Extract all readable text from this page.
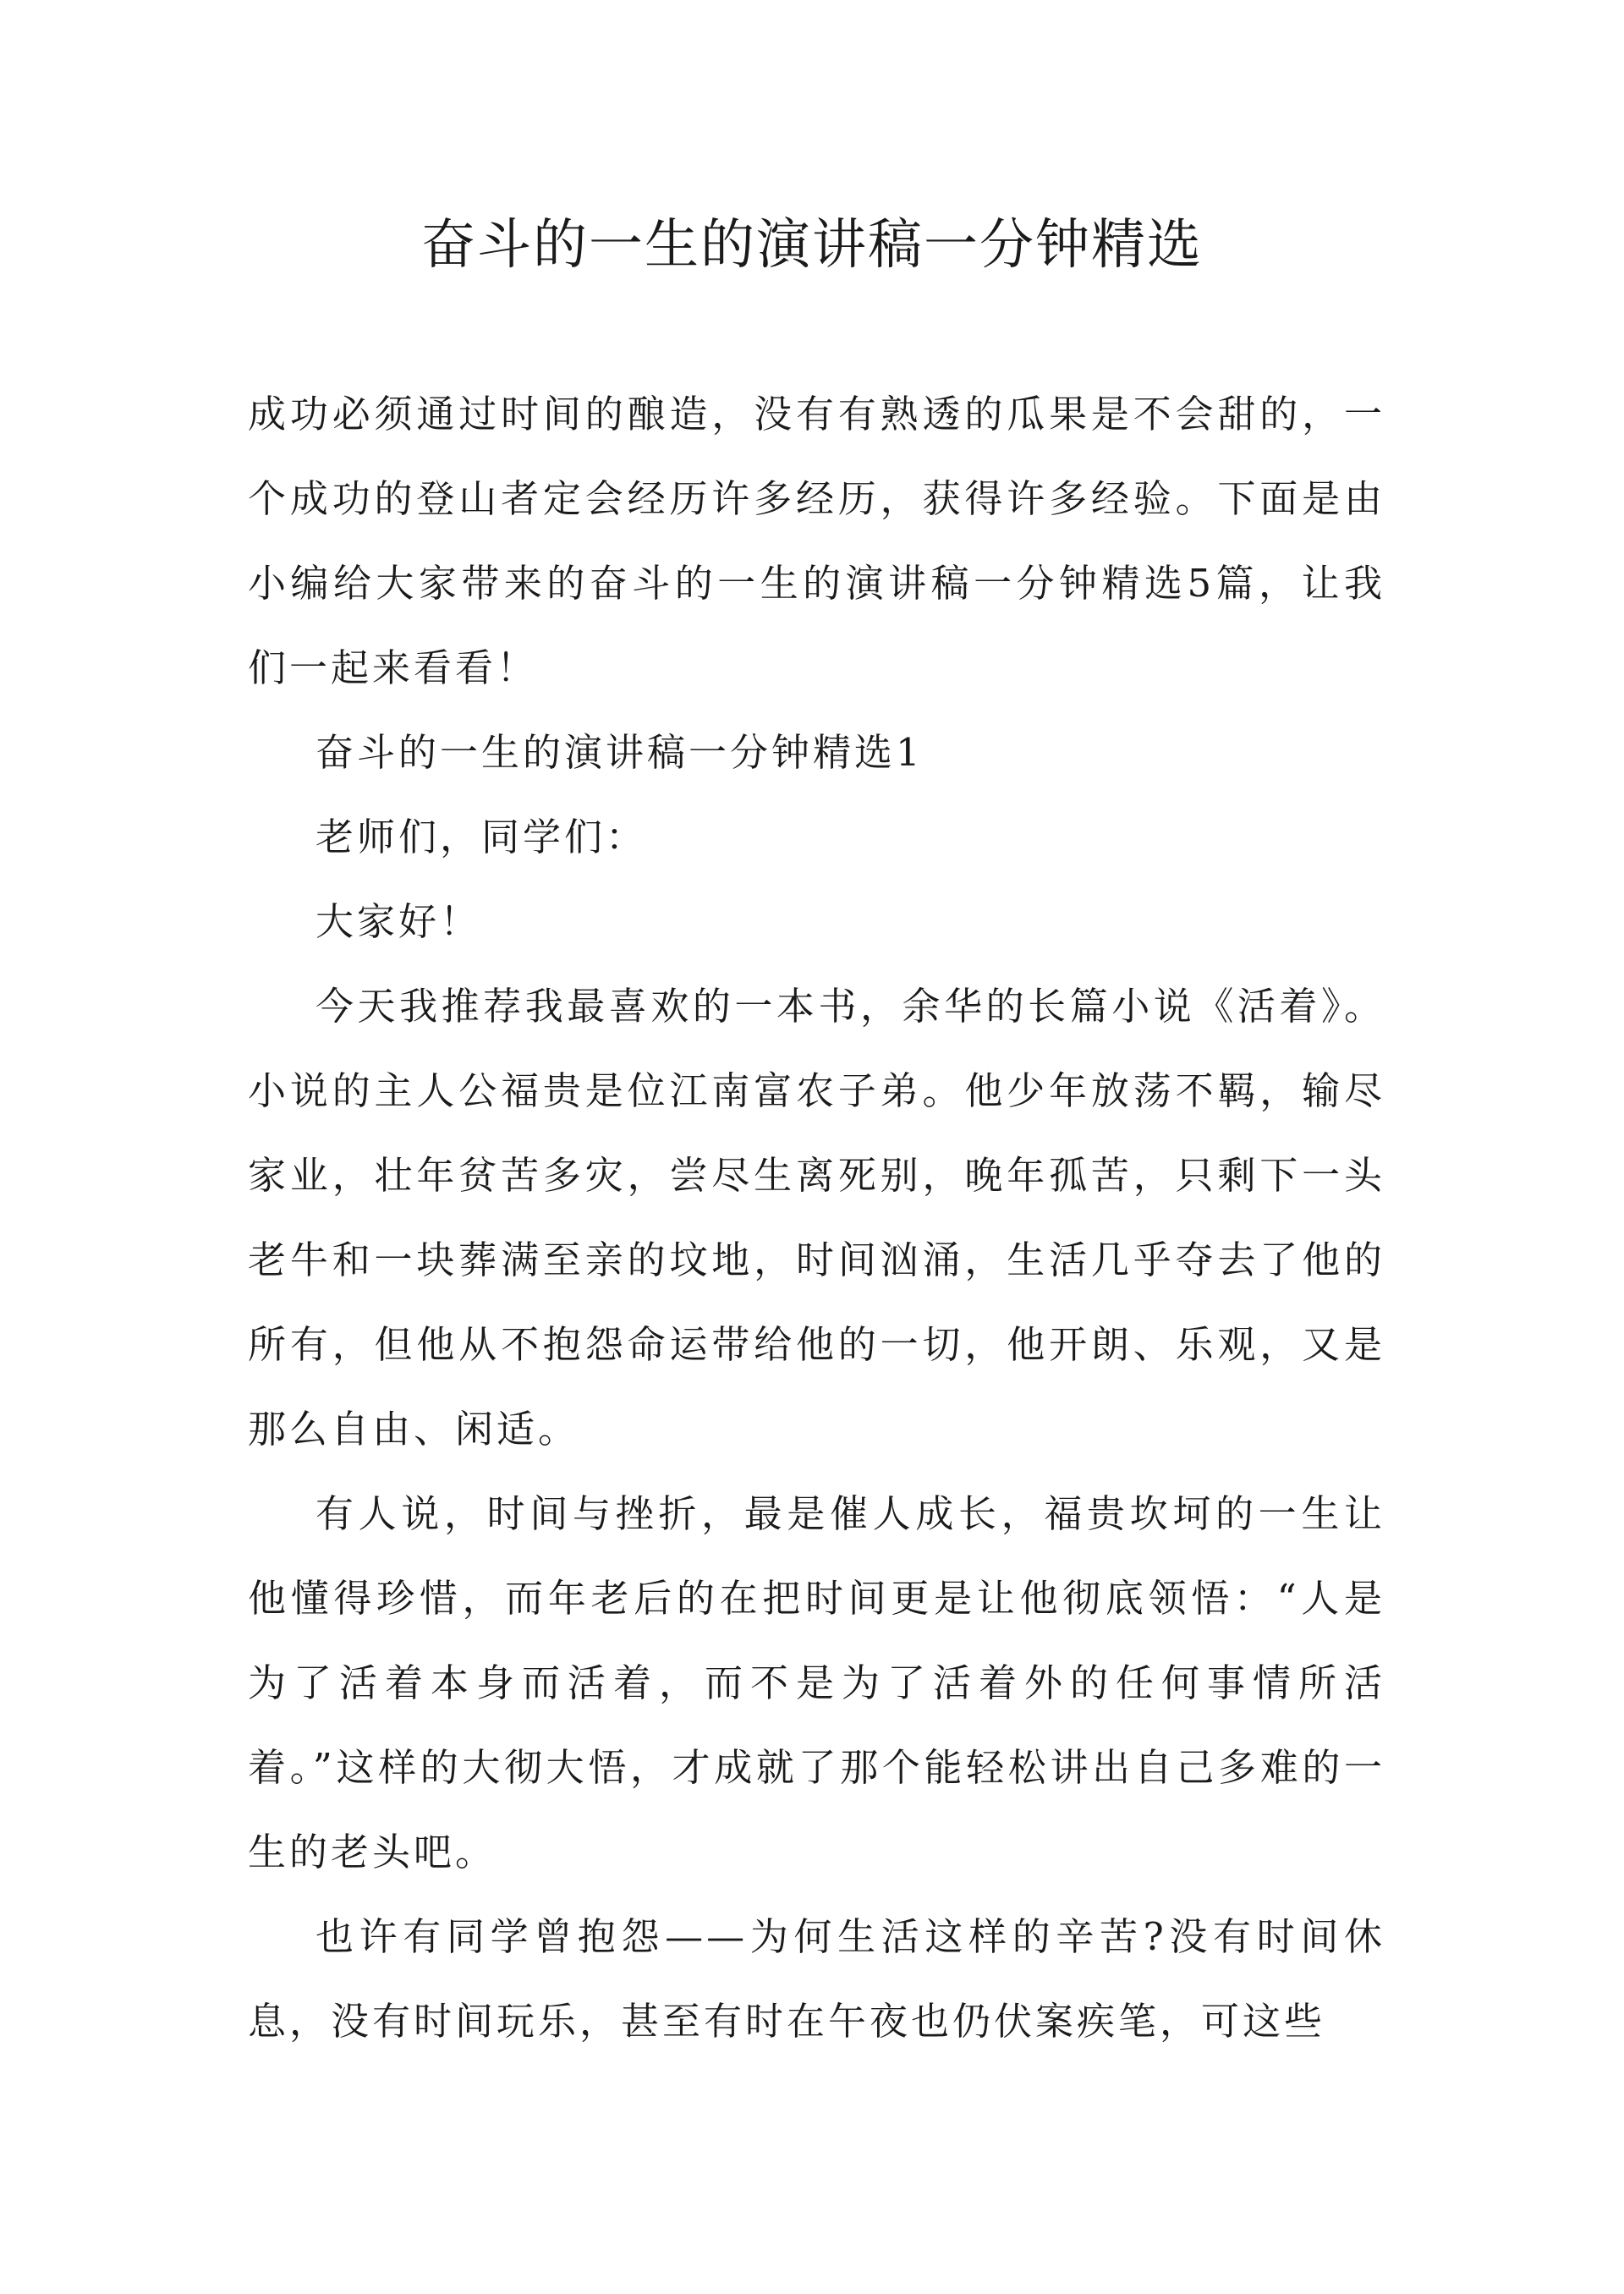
奋斗的一生的演讲稿一分钟精选

成功必须通过时间的酿造，没有有熟透的瓜果是不会甜的，一个成功的登山者定会经历许多经历，获得许多经验。下面是由小编给大家带来的奋斗的一生的演讲稿一分钟精选5篇，让我们一起来看看！

奋斗的一生的演讲稿一分钟精选1

老师们，同学们：

大家好！

今天我推荐我最喜欢的一本书，余华的长篇小说《活着》。小说的主人公福贵是位江南富农子弟。他少年放荡不羁，输尽家业，壮年贫苦多灾，尝尽生离死别，晚年孤苦，只剩下一头老牛和一块葬满至亲的坟地，时间汹涌，生活几乎夺去了他的所有，但他从不抱怨命运带给他的一切，他开朗、乐观，又是那么自由、闲适。

有人说，时间与挫折，最是催人成长，福贵坎坷的一生让他懂得珍惜，而年老后的在把时间更是让他彻底领悟：“人是为了活着本身而活着，而不是为了活着外的任何事情所活着。”这样的大彻大悟，才成就了那个能轻松讲出自己多难的一生的老头吧。

也许有同学曾抱怨——为何生活这样的辛苦?没有时间休息，没有时间玩乐，甚至有时在午夜也仍伏案疾笔，可这些
